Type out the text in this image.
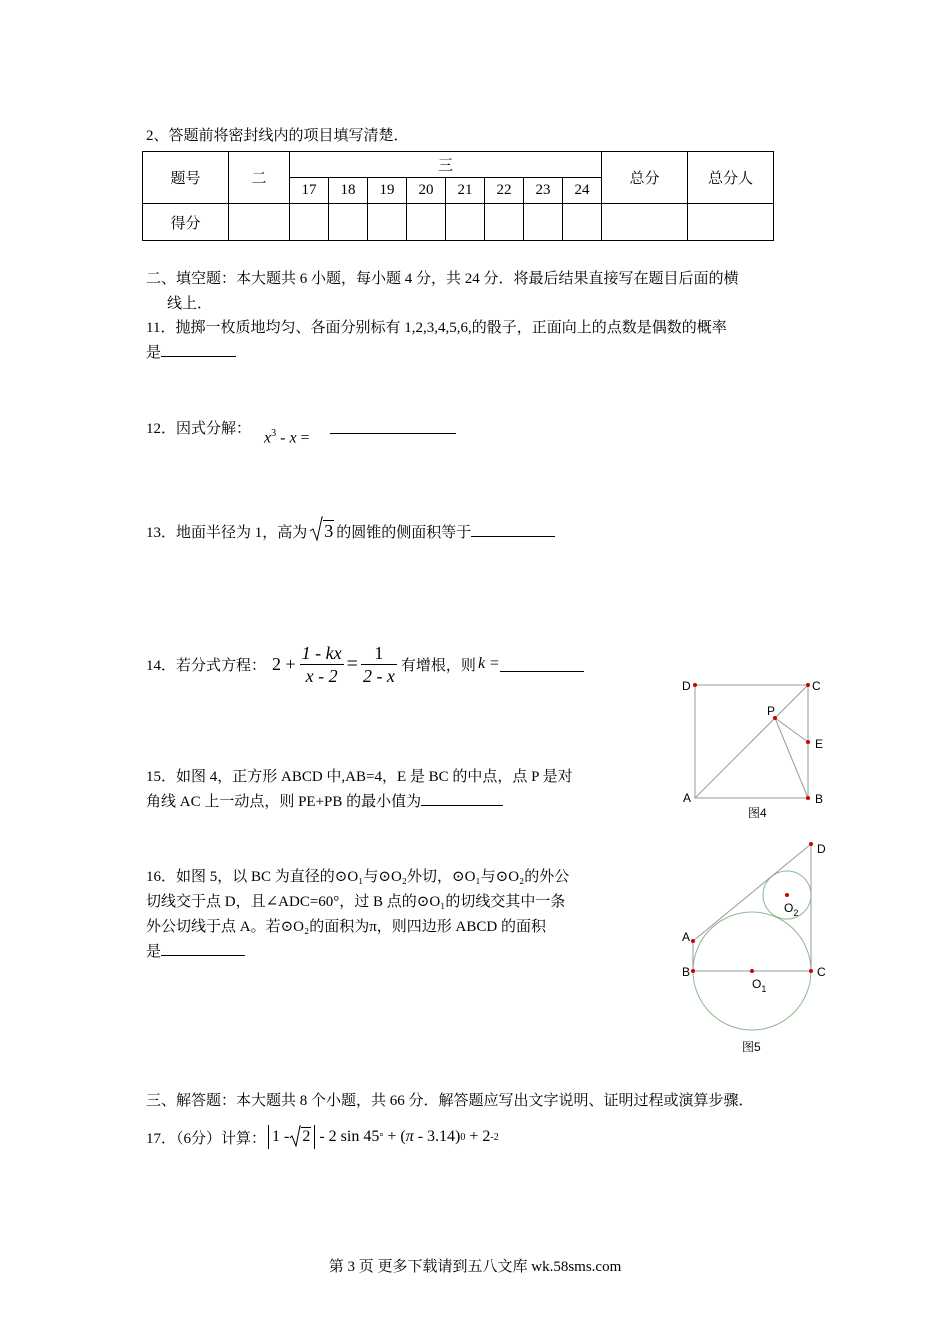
2、答题前将密封线内的项目填写清楚．
题号	二	三								总分	总分人
		17	18	19	20	21	22	23	24		
得分											
二、填空题：本大题共 6 小题，每小题 4 分，共 24 分．将最后结果直接写在题目后面的横
线上．
11．抛掷一枚质地均匀、各面分别标有 1,2,3,4,5,6,的骰子，正面向上的点数是偶数的概率
是
12．因式分解：
$x^3$ - x =
13．地面半径为 1，高为 3 的圆锥的侧面积等于
14．若分式方程： $2 + \frac{1 - kx}{x - 2} = \frac{1}{2 - x}$ 有增根，则 k =
15．如图 4，正方形 ABCD 中,AB=4，E 是 BC 的中点，点 P 是对
角线 AC 上一动点，则 PE+PB 的最小值为
D	C
P
E
A	B
图4
16．如图 5，以 BC 为直径的⊙O₁与⊙O₂外切，⊙O₁与⊙O₂的外公
切线交于点 D，且∠ADC=60°，过 B 点的⊙O₁的切线交其中一条
外公切线于点 A。若⊙O₂的面积为π，则四边形 ABCD 的面积
是
D
A
B	C
$O_1$
$O_2$
图5
三、解答题：本大题共 8 个小题，共 66 分．解答题应写出文字说明、证明过程或演算步骤．
17．（6分）计算： 1 - 2 - 2 sin 45 ° + ( π - 3.14) 0 + 2 -2
第 3 页 更多下载请到五八文库 wk.58sms.com
